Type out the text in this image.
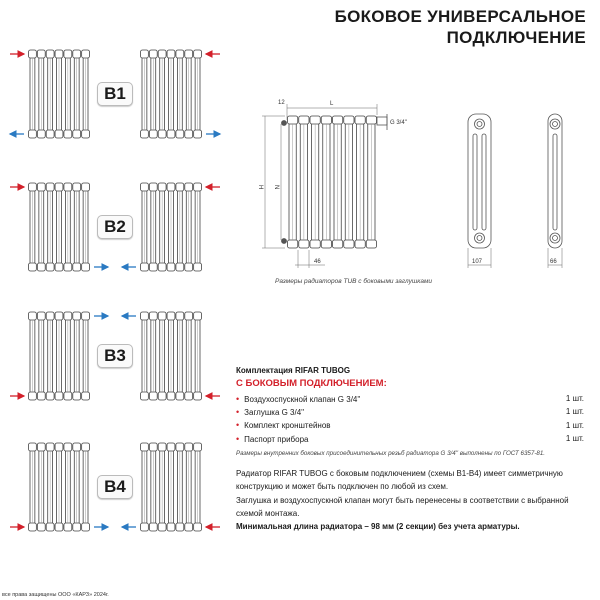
БОКОВОЕ УНИВЕРСАЛЬНОЕ
ПОДКЛЮЧЕНИЕ
B1
B2
B3
B4
12	L
G 3/4''
H N
46	107	66
Размеры радиаторов TUB с боковыми заглушками
Комплектация RIFAR TUBOG
С БОКОВЫМ ПОДКЛЮЧЕНИЕМ:
• Воздухоспускной клапан G 3/4''	1 шт.
• Заглушка G 3/4''	1 шт.
• Комплект кронштейнов	1 шт.
• Паспорт прибора	1 шт.
Размеры внутренних боковых присоединительных резьб радиатора G 3/4'' выполнены по ГОСТ 6357-81.

Радиатор RIFAR TUBOG с боковым подключением (схемы B1-B4) имеет симметричную конструкцию и может быть подключен по любой из схем.

Заглушка и воздухоспускной клапан могут быть перенесены в соответствии с выбранной схемой монтажа.

Минимальная длина радиатора – 98 мм (2 секции) без учета арматуры.

все права защищены ООО «КАРЗ» 2024г.
